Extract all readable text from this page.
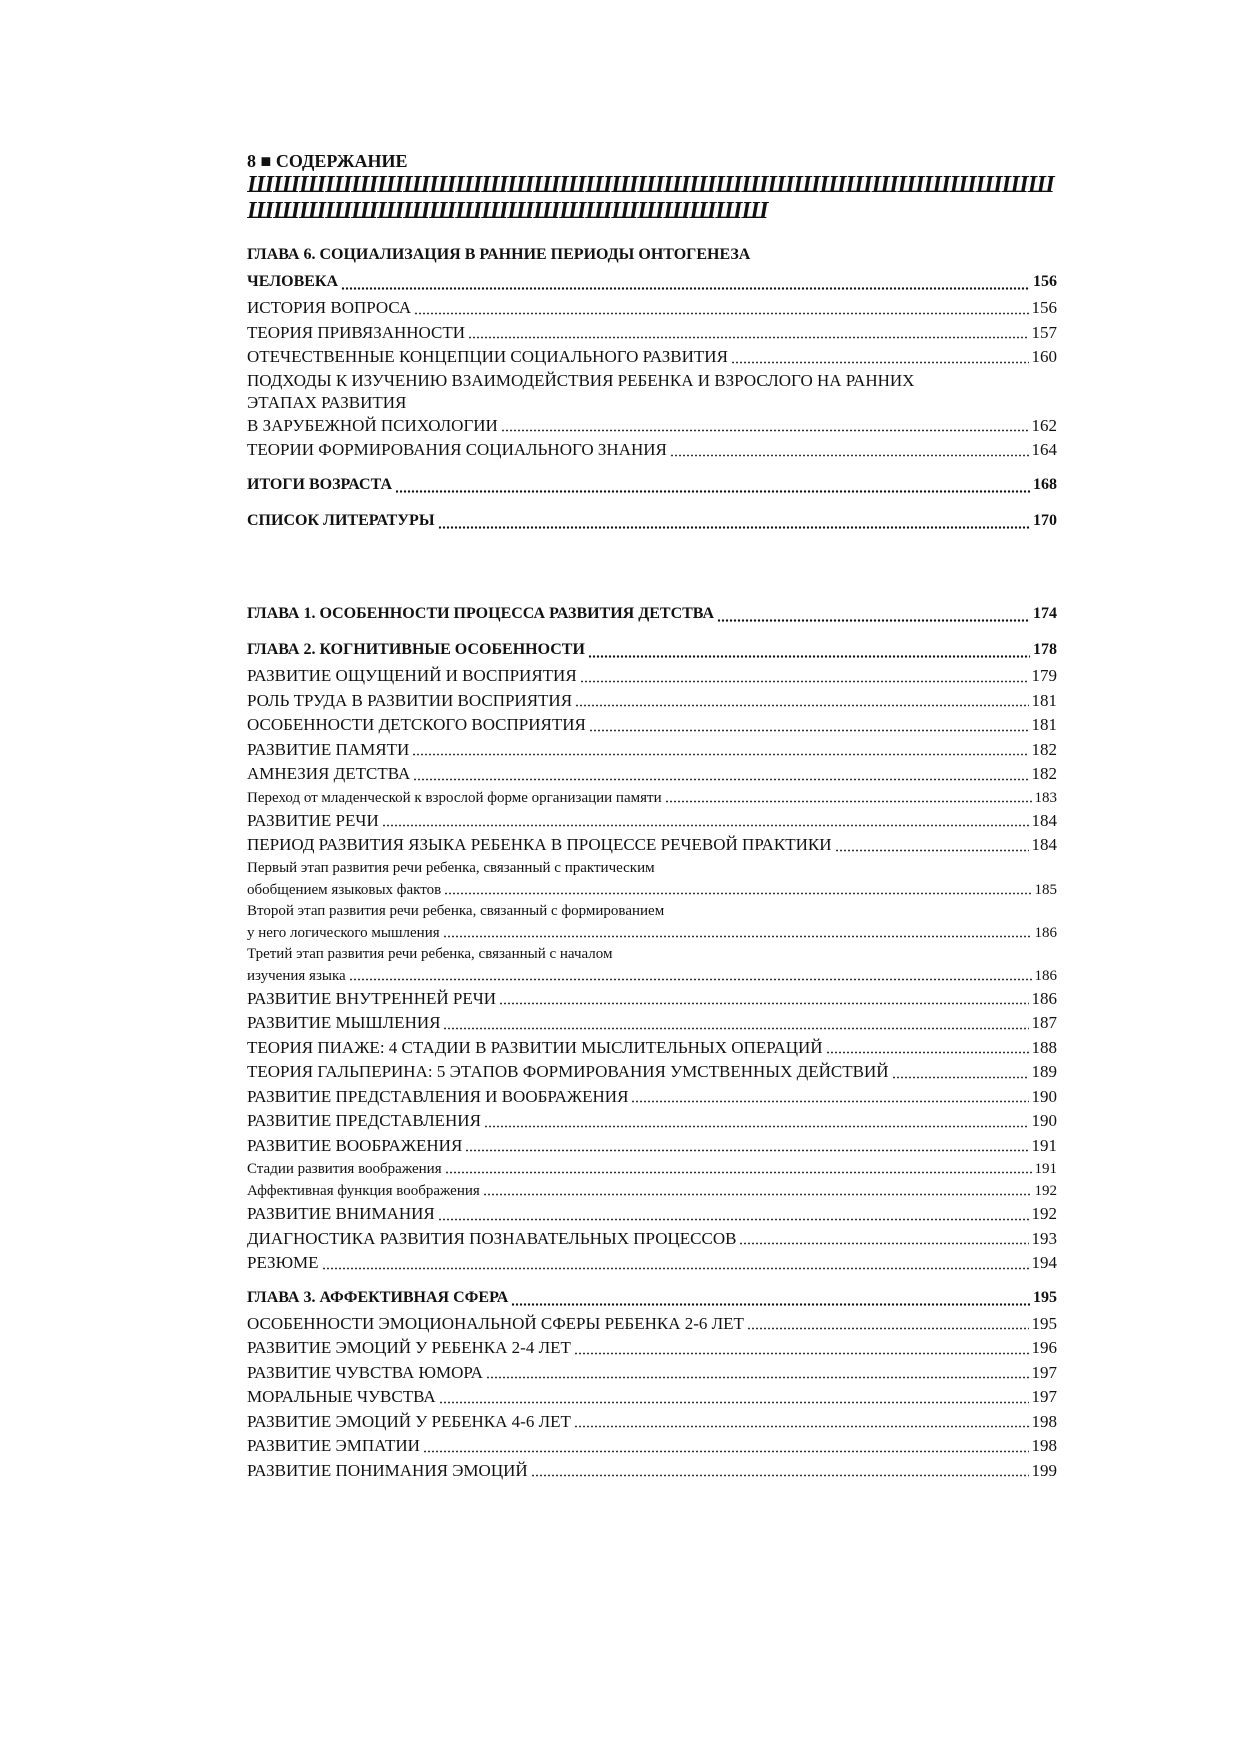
8 ■ СОДЕРЖАНИЕ
ШШШШШШШШШШШШШШШШШШШШШШШШШШШШШШШШШШШШШШШШШШШШШШШШШШШ
ГЛАВА 6. СОЦИАЛИЗАЦИЯ В РАННИЕ ПЕРИОДЫ ОНТОГЕНЕЗА
ЧЕЛОВЕКА	156
ИСТОРИЯ ВОПРОСА	156
ТЕОРИЯ ПРИВЯЗАННОСТИ	157
ОТЕЧЕСТВЕННЫЕ КОНЦЕПЦИИ СОЦИАЛЬНОГО РАЗВИТИЯ	160
ПОДХОДЫ К ИЗУЧЕНИЮ ВЗАИМОДЕЙСТВИЯ РЕБЕНКА И ВЗРОСЛОГО НА РАННИХ
ЭТАПАХ РАЗВИТИЯ
В ЗАРУБЕЖНОЙ ПСИХОЛОГИИ	162
ТЕОРИИ ФОРМИРОВАНИЯ СОЦИАЛЬНОГО ЗНАНИЯ	164
ИТОГИ ВОЗРАСТА	168
СПИСОК ЛИТЕРАТУРЫ	170
ГЛАВА 1. ОСОБЕННОСТИ ПРОЦЕССА РАЗВИТИЯ ДЕТСТВА	174
ГЛАВА 2. КОГНИТИВНЫЕ ОСОБЕННОСТИ	178
РАЗВИТИЕ ОЩУЩЕНИЙ И ВОСПРИЯТИЯ	179
РОЛЬ ТРУДА В РАЗВИТИИ ВОСПРИЯТИЯ	181
ОСОБЕННОСТИ ДЕТСКОГО ВОСПРИЯТИЯ	181
РАЗВИТИЕ ПАМЯТИ	182
АМНЕЗИЯ ДЕТСТВА	182
Переход от младенческой к взрослой форме организации памяти	183
РАЗВИТИЕ РЕЧИ	184
ПЕРИОД РАЗВИТИЯ ЯЗЫКА РЕБЕНКА В ПРОЦЕССЕ РЕЧЕВОЙ ПРАКТИКИ	184
Первый этап развития речи ребенка, связанный с практическим
обобщением языковых фактов	185
Второй этап развития речи ребенка, связанный с формированием
у него логического мышления	186
Третий этап развития речи ребенка, связанный с началом
изучения языка	186
РАЗВИТИЕ ВНУТРЕННЕЙ РЕЧИ	186
РАЗВИТИЕ МЫШЛЕНИЯ	187
ТЕОРИЯ ПИАЖЕ: 4 СТАДИИ В РАЗВИТИИ МЫСЛИТЕЛЬНЫХ ОПЕРАЦИЙ	188
ТЕОРИЯ ГАЛЬПЕРИНА: 5 ЭТАПОВ ФОРМИРОВАНИЯ УМСТВЕННЫХ ДЕЙСТВИЙ	189
РАЗВИТИЕ ПРЕДСТАВЛЕНИЯ И ВООБРАЖЕНИЯ	190
РАЗВИТИЕ ПРЕДСТАВЛЕНИЯ	190
РАЗВИТИЕ ВООБРАЖЕНИЯ	191
Стадии развития воображения	191
Аффективная функция воображения	192
РАЗВИТИЕ ВНИМАНИЯ	192
ДИАГНОСТИКА РАЗВИТИЯ ПОЗНАВАТЕЛЬНЫХ ПРОЦЕССОВ	193
РЕЗЮМЕ	194
ГЛАВА 3. АФФЕКТИВНАЯ СФЕРА	195
ОСОБЕННОСТИ ЭМОЦИОНАЛЬНОЙ СФЕРЫ РЕБЕНКА 2-6 ЛЕТ	195
РАЗВИТИЕ ЭМОЦИЙ У РЕБЕНКА 2-4 ЛЕТ	196
РАЗВИТИЕ ЧУВСТВА ЮМОРА	197
МОРАЛЬНЫЕ ЧУВСТВА	197
РАЗВИТИЕ ЭМОЦИЙ У РЕБЕНКА 4-6 ЛЕТ	198
РАЗВИТИЕ ЭМПАТИИ	198
РАЗВИТИЕ ПОНИМАНИЯ ЭМОЦИЙ	199
